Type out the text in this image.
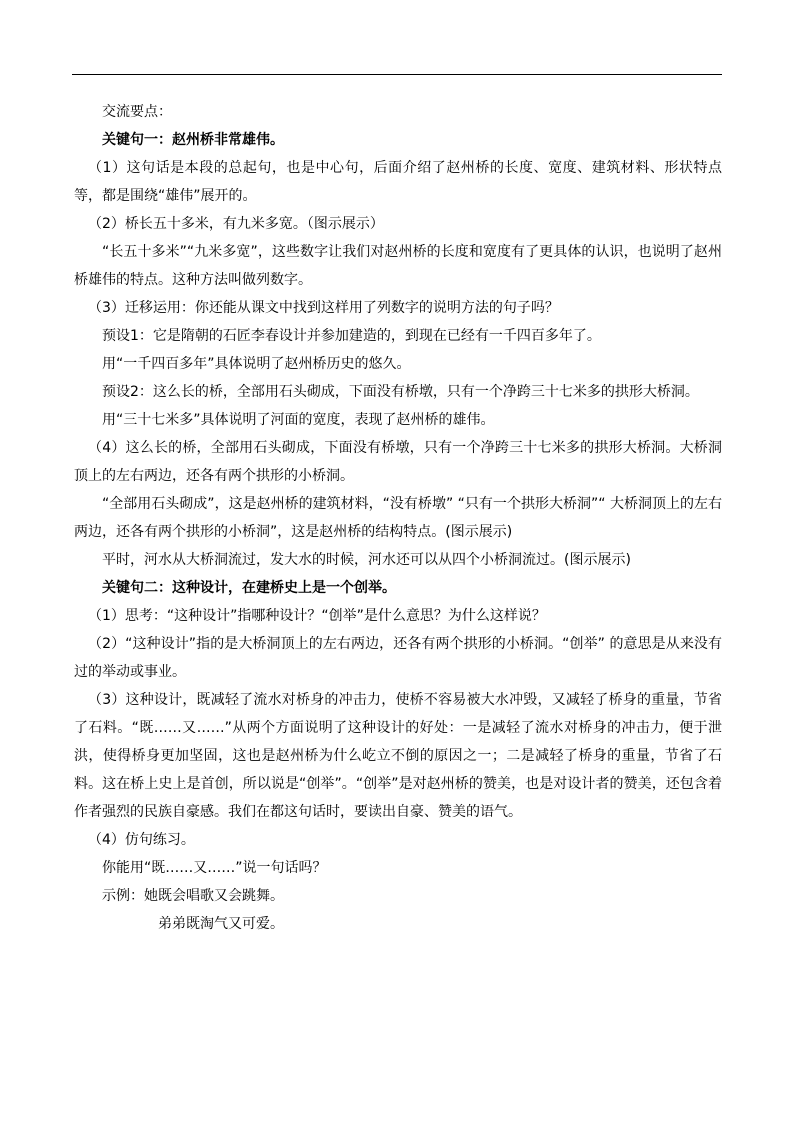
交流要点：

关键句一：赵州桥非常雄伟。

（1）这句话是本段的总起句，也是中心句，后面介绍了赵州桥的长度、宽度、建筑材料、形状特点等，都是围绕“雄伟”展开的。

（2）桥长五十多米，有九米多宽。（图示展示）

“长五十多米”“九米多宽”，这些数字让我们对赵州桥的长度和宽度有了更具体的认识，也说明了赵州桥雄伟的特点。这种方法叫做列数字。

（3）迁移运用：你还能从课文中找到这样用了列数字的说明方法的句子吗？

预设1：它是隋朝的石匠李春设计并参加建造的，到现在已经有一千四百多年了。

用“一千四百多年”具体说明了赵州桥历史的悠久。

预设2：这么长的桥，全部用石头砌成，下面没有桥墩，只有一个净跨三十七米多的拱形大桥洞。

用“三十七米多”具体说明了河面的宽度，表现了赵州桥的雄伟。

（4）这么长的桥，全部用石头砌成，下面没有桥墩，只有一个净跨三十七米多的拱形大桥洞。大桥洞顶上的左右两边，还各有两个拱形的小桥洞。

“全部用石头砌成”，这是赵州桥的建筑材料，“没有桥墩” “只有一个拱形大桥洞”“ 大桥洞顶上的左右两边，还各有两个拱形的小桥洞”，这是赵州桥的结构特点。(图示展示)

平时，河水从大桥洞流过，发大水的时候，河水还可以从四个小桥洞流过。(图示展示)

关键句二：这种设计，在建桥史上是一个创举。

（1）思考：“这种设计”指哪种设计？“创举”是什么意思？为什么这样说？

（2）“这种设计”指的是大桥洞顶上的左右两边，还各有两个拱形的小桥洞。“创举” 的意思是从来没有过的举动或事业。

（3）这种设计，既减轻了流水对桥身的冲击力，使桥不容易被大水冲毁，又减轻了桥身的重量，节省了石料。“既……又……”从两个方面说明了这种设计的好处：一是减轻了流水对桥身的冲击力，便于泄洪，使得桥身更加坚固，这也是赵州桥为什么屹立不倒的原因之一；二是减轻了桥身的重量，节省了石料。这在桥上史上是首创，所以说是“创举”。“创举”是对赵州桥的赞美，也是对设计者的赞美，还包含着作者强烈的民族自豪感。我们在都这句话时，要读出自豪、赞美的语气。

（4）仿句练习。

你能用“既……又……”说一句话吗？

示例：她既会唱歌又会跳舞。

弟弟既淘气又可爱。
